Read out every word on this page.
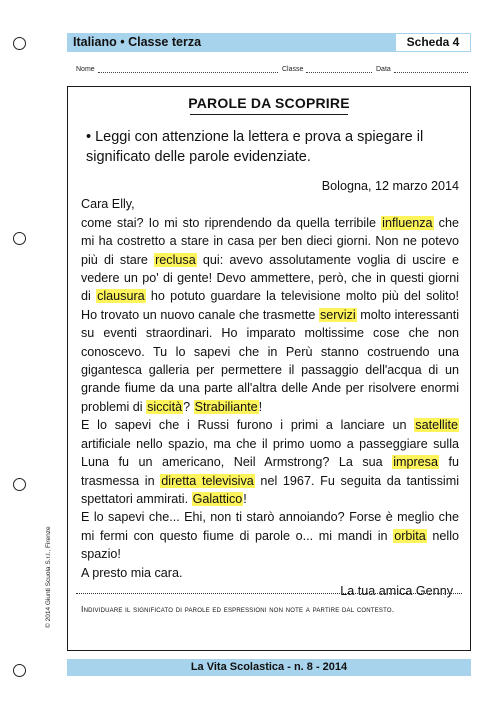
Italiano • Classe terza	Scheda 4
Nome	Classe	Data
PAROLE DA SCOPRIRE
• Leggi con attenzione la lettera e prova a spiegare il significato delle parole evidenziate.

Bologna, 12 marzo 2014

Cara Elly,

come stai? Io mi sto riprendendo da quella terribile influenza che mi ha costretto a stare in casa per ben dieci giorni. Non ne potevo più di stare reclusa qui: avevo assolutamente voglia di uscire e vedere un po' di gente! Devo ammettere, però, che in questi giorni di clausura ho potuto guardare la televisione molto più del solito! Ho trovato un nuovo canale che trasmette servizi molto interessanti su eventi straordinari. Ho imparato moltissime cose che non conoscevo. Tu lo sapevi che in Perù stanno costruendo una gigantesca galleria per permettere il passaggio dell'acqua di un grande fiume da una parte all'altra delle Ande per risolvere enormi problemi di siccità? Strabiliante!

E lo sapevi che i Russi furono i primi a lanciare un satellite artificiale nello spazio, ma che il primo uomo a passeggiare sulla Luna fu un americano, Neil Armstrong? La sua impresa fu trasmessa in diretta televisiva nel 1967. Fu seguita da tantissimi spettatori ammirati. Galattico!

E lo sapevi che... Ehi, non ti starò annoiando? Forse è meglio che mi fermi con questo fiume di parole o... mi mandi in orbita nello spazio!

A presto mia cara.

La tua amica Genny

Individuare il significato di parole ed espressioni non note a partire dal contesto.
© 2014 Giunti Scuola S.r.l., Firenze
La Vita Scolastica - n. 8 - 2014
